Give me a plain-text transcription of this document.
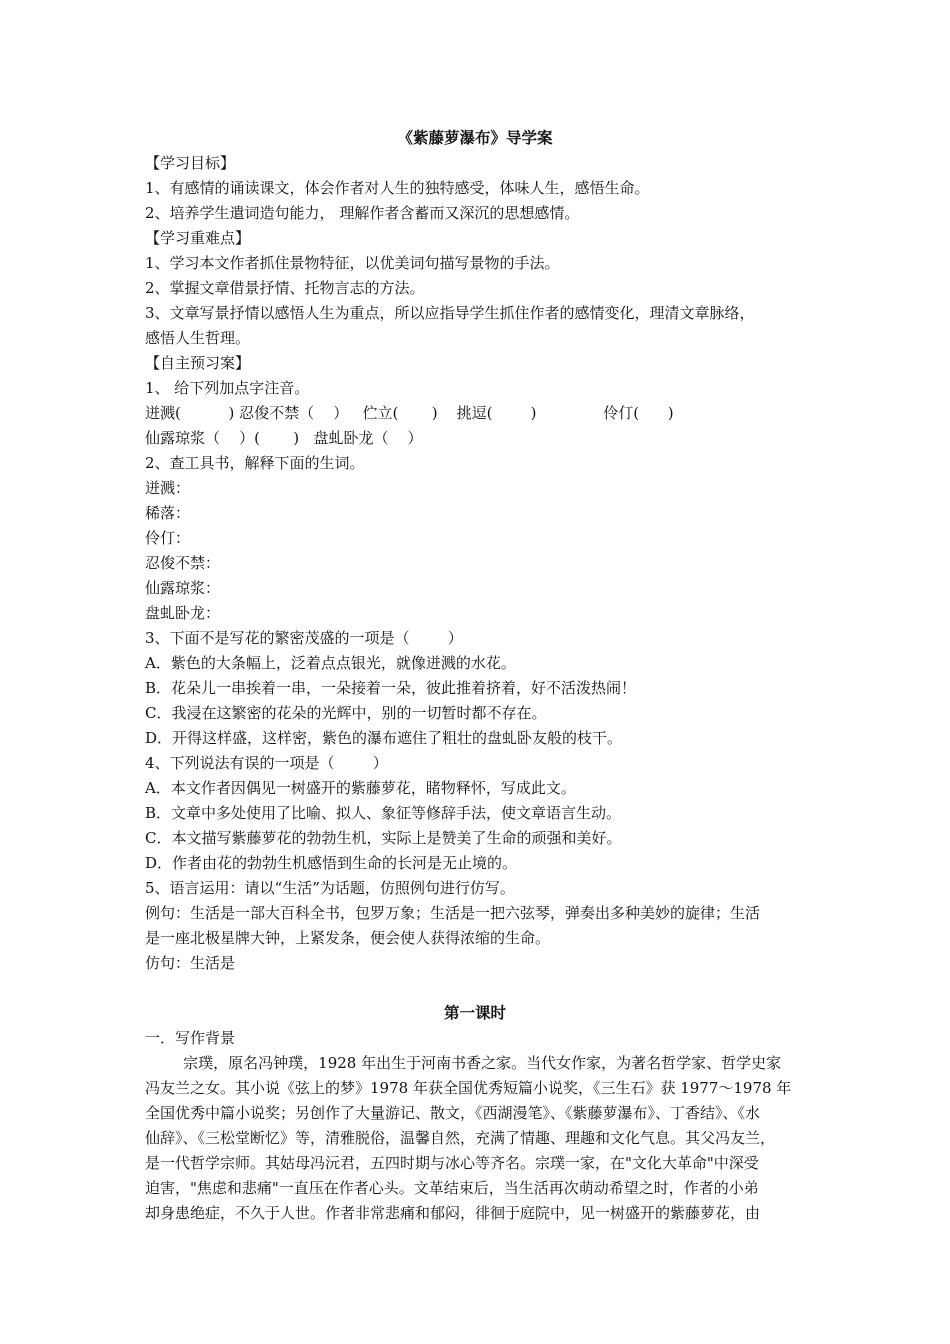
《紫藤萝瀑布》导学案
【学习目标】
1、有感情的诵读课文，体会作者对人生的独特感受，体味人生，感悟生命。
2、培养学生遣词造句能力， 理解作者含蓄而又深沉的思想感情。
【学习重难点】
1、学习本文作者抓住景物特征，以优美词句描写景物的手法。
2、掌握文章借景抒情、托物言志的方法。
3、文章写景抒情以感悟人生为重点，所以应指导学生抓住作者的感情变化，理清文章脉络，
感悟人生哲理。
【自主预习案】
1、 给下列加点字注音。
迸溅(          ) 忍俊不禁（    ）   伫立(       )    挑逗(        )              伶仃(      )
仙露琼浆（    ）(       )   盘虬卧龙（    ）
2、查工具书，解释下面的生词。
迸溅：
稀落：
伶仃：
忍俊不禁：
仙露琼浆：
盘虬卧龙：
3、下面不是写花的繁密茂盛的一项是（        ）
A．紫色的大条幅上，泛着点点银光，就像迸溅的水花。
B．花朵儿一串挨着一串，一朵接着一朵，彼此推着挤着，好不活泼热闹！
C．我浸在这繁密的花朵的光辉中，别的一切暂时都不存在。
D．开得这样盛，这样密，紫色的瀑布遮住了粗壮的盘虬卧友般的枝干。
4、下列说法有误的一项是（        ）
A．本文作者因偶见一树盛开的紫藤萝花，睹物释怀，写成此文。
B．文章中多处使用了比喻、拟人、象征等修辞手法，使文章语言生动。
C．本文描写紫藤萝花的勃勃生机，实际上是赞美了生命的顽强和美好。
D．作者由花的勃勃生机感悟到生命的长河是无止境的。
5、语言运用：请以“生活”为话题，仿照例句进行仿写。
例句：生活是一部大百科全书，包罗万象；生活是一把六弦琴，弹奏出多种美妙的旋律；生活
是一座北极星牌大钟，上紧发条，便会使人获得浓缩的生命。
仿句：生活是
第一课时
一．写作背景
宗璞，原名冯钟璞，1928 年出生于河南书香之家。当代女作家，为著名哲学家、哲学史家
冯友兰之女。其小说《弦上的梦》1978 年获全国优秀短篇小说奖，《三生石》获 1977～1978 年
全国优秀中篇小说奖；另创作了大量游记、散文，《西湖漫笔》、《紫藤萝瀑布》、丁香结》、《水
仙辞》、《三松堂断忆》等，清雅脱俗，温馨自然，充满了情趣、理趣和文化气息。其父冯友兰，
是一代哲学宗师。其姑母冯沅君，五四时期与冰心等齐名。宗璞一家，在"文化大革命"中深受
迫害，"焦虑和悲痛"一直压在作者心头。文革结束后，当生活再次萌动希望之时，作者的小弟
却身患绝症，不久于人世。作者非常悲痛和郁闷，徘徊于庭院中，见一树盛开的紫藤萝花，由
